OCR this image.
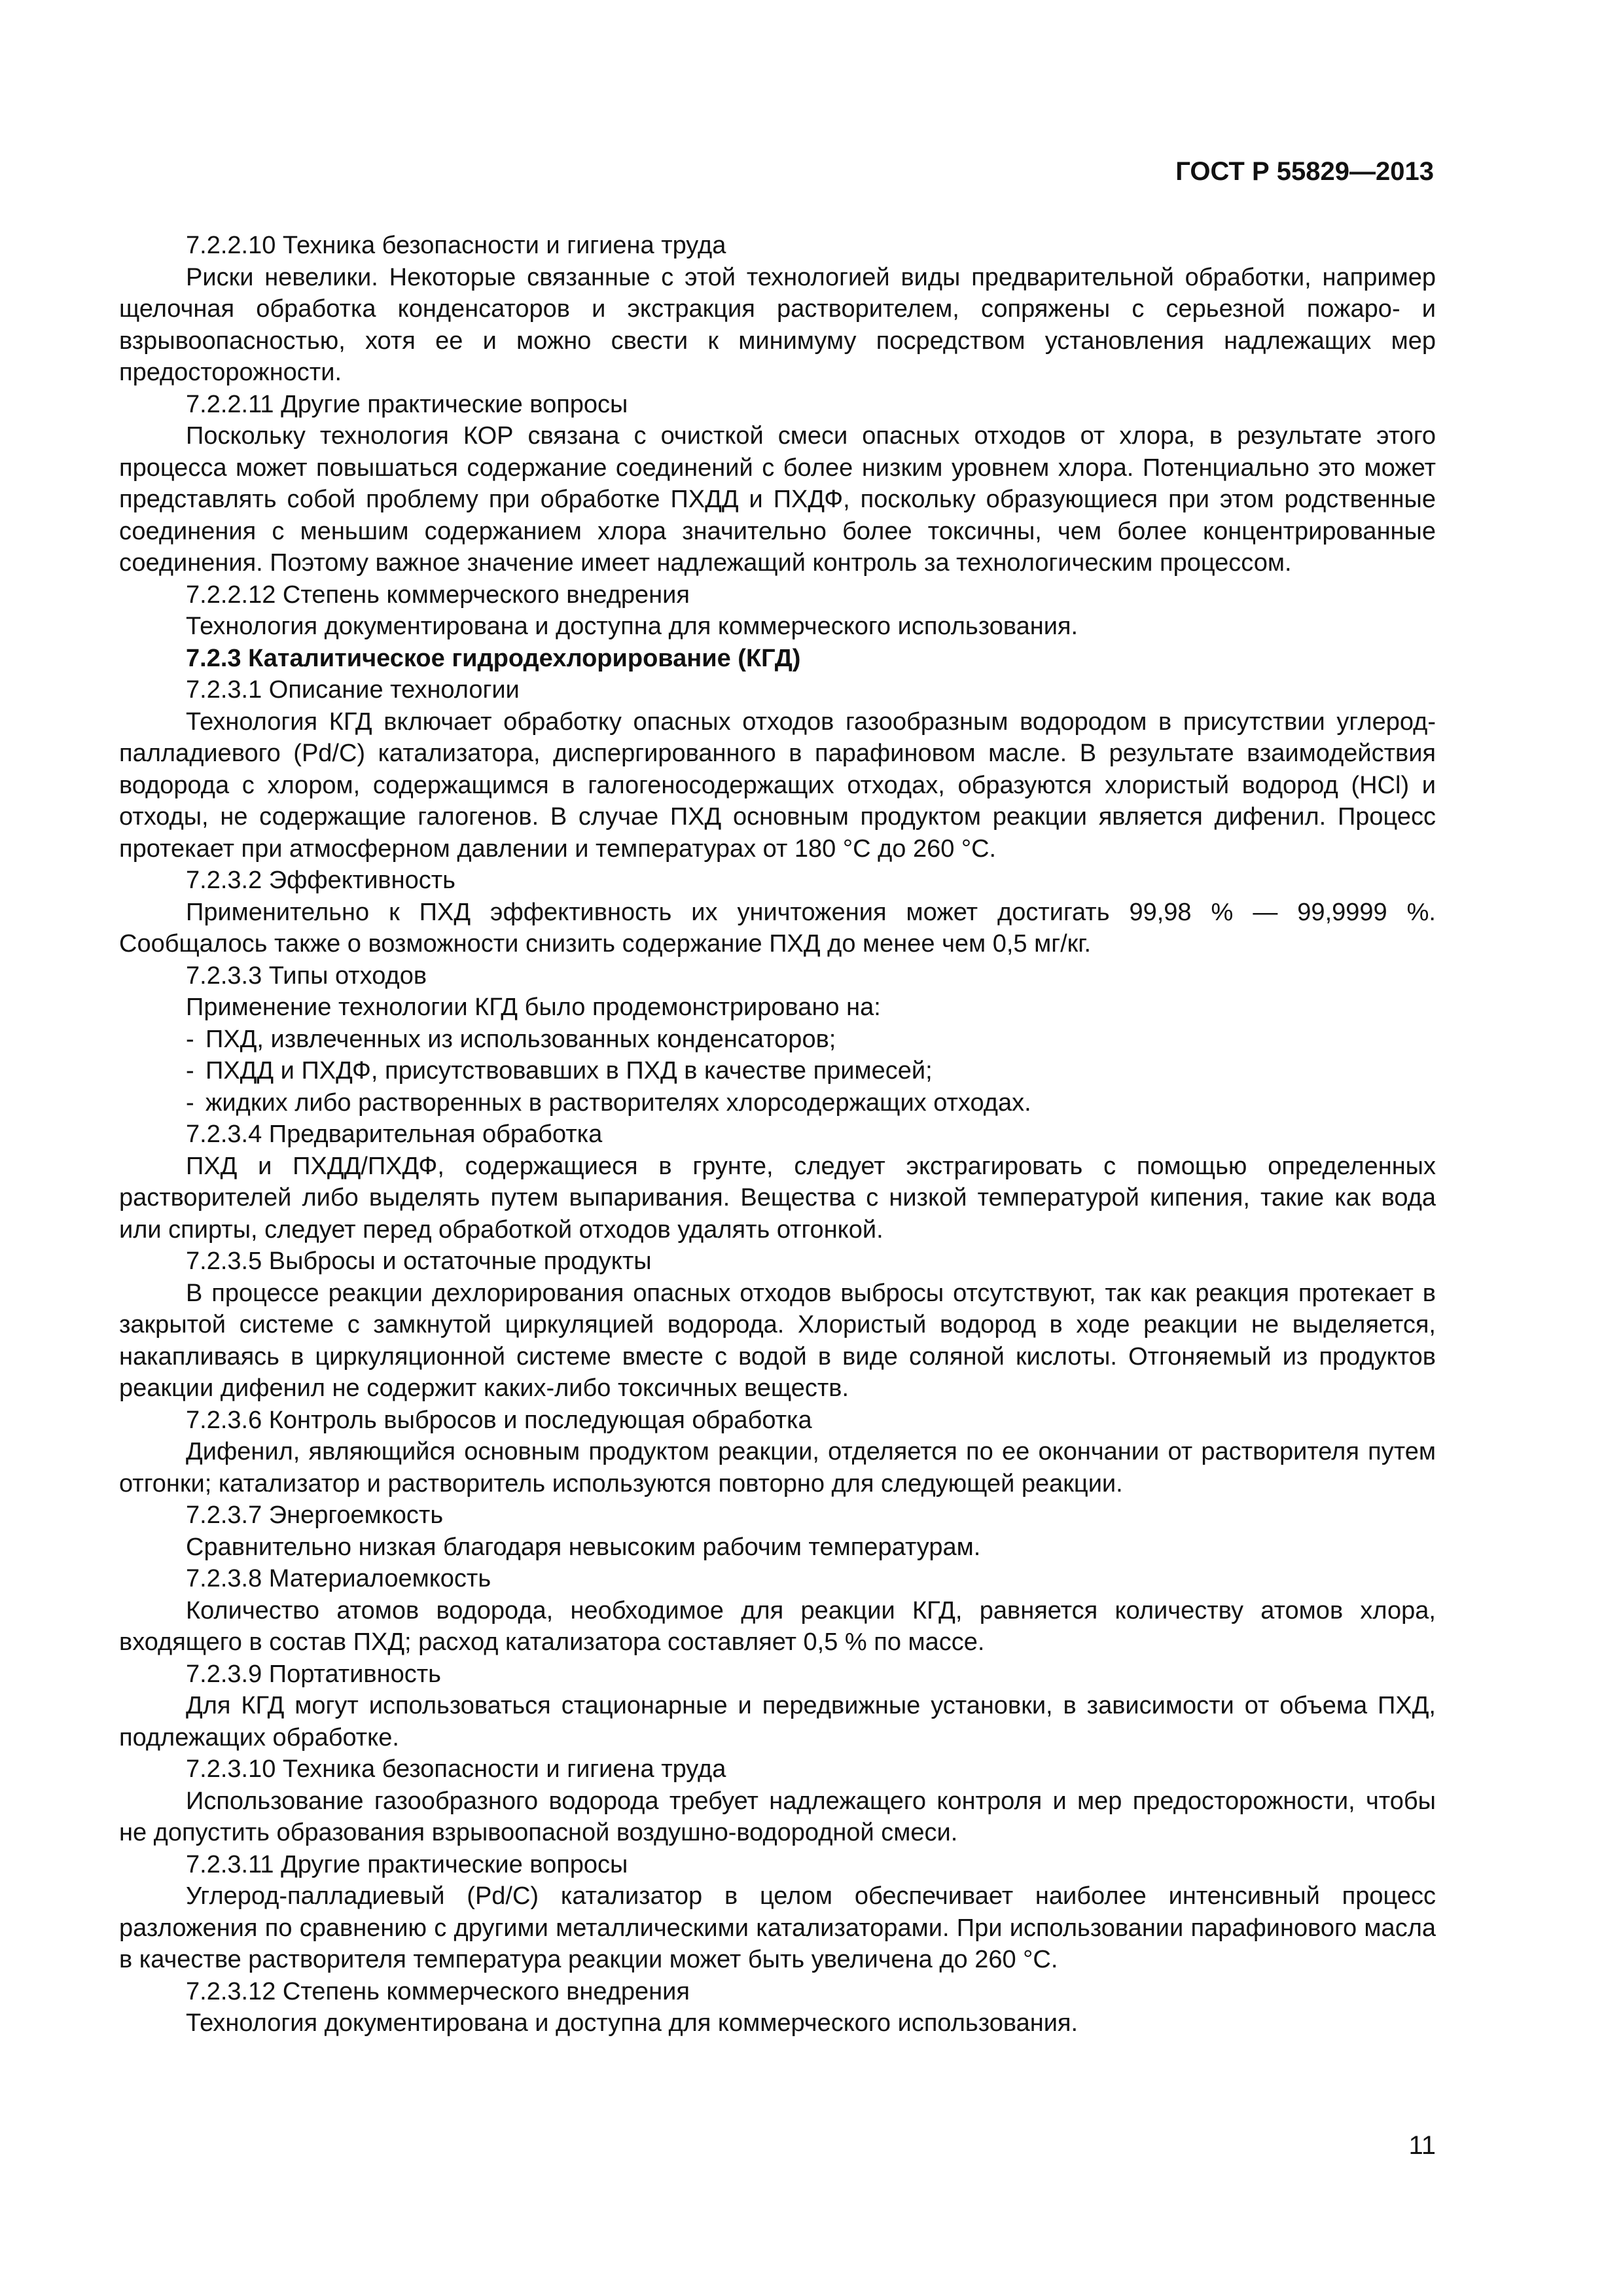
ГОСТ Р 55829—2013

7.2.2.10 Техника безопасности и гигиена труда

Риски невелики. Некоторые связанные с этой технологией виды предварительной обработки, например щелочная обработка конденсаторов и экстракция растворителем, сопряжены с серьезной пожаро- и взрывоопасностью, хотя ее и можно свести к минимуму посредством установления надлежащих мер предосторожности.

7.2.2.11 Другие практические вопросы

Поскольку технология КОР связана с очисткой смеси опасных отходов от хлора, в результате этого процесса может повышаться содержание соединений с более низким уровнем хлора. Потенциально это может представлять собой проблему при обработке ПХДД и ПХДФ, поскольку образующиеся при этом родственные соединения с меньшим содержанием хлора значительно более токсичны, чем более концентрированные соединения. Поэтому важное значение имеет надлежащий контроль за технологическим процессом.

7.2.2.12 Степень коммерческого внедрения

Технология документирована и доступна для коммерческого использования.

7.2.3 Каталитическое гидродехлорирование (КГД)

7.2.3.1 Описание технологии

Технология КГД включает обработку опасных отходов газообразным водородом в присутствии углерод-палладиевого (Pd/C) катализатора, диспергированного в парафиновом масле. В результате взаимодействия водорода с хлором, содержащимся в галогеносодержащих отходах, образуются хлористый водород (HCl) и отходы, не содержащие галогенов. В случае ПХД основным продуктом реакции является дифенил. Процесс протекает при атмосферном давлении и температурах от 180 °С до 260 °С.

7.2.3.2 Эффективность

Применительно к ПХД эффективность их уничтожения может достигать 99,98 % — 99,9999 %. Сообщалось также о возможности снизить содержание ПХД до менее чем 0,5 мг/кг.

7.2.3.3 Типы отходов

Применение технологии КГД было продемонстрировано на:

- ПХД, извлеченных из использованных конденсаторов;
- ПХДД и ПХДФ, присутствовавших в ПХД в качестве примесей;
- жидких либо растворенных в растворителях хлорсодержащих отходах.

7.2.3.4 Предварительная обработка

ПХД и ПХДД/ПХДФ, содержащиеся в грунте, следует экстрагировать с помощью определенных растворителей либо выделять путем выпаривания. Вещества с низкой температурой кипения, такие как вода или спирты, следует перед обработкой отходов удалять отгонкой.

7.2.3.5 Выбросы и остаточные продукты

В процессе реакции дехлорирования опасных отходов выбросы отсутствуют, так как реакция протекает в закрытой системе с замкнутой циркуляцией водорода. Хлористый водород в ходе реакции не выделяется, накапливаясь в циркуляционной системе вместе с водой в виде соляной кислоты. Отгоняемый из продуктов реакции дифенил не содержит каких-либо токсичных веществ.

7.2.3.6 Контроль выбросов и последующая обработка

Дифенил, являющийся основным продуктом реакции, отделяется по ее окончании от растворителя путем отгонки; катализатор и растворитель используются повторно для следующей реакции.

7.2.3.7 Энергоемкость

Сравнительно низкая благодаря невысоким рабочим температурам.

7.2.3.8 Материалоемкость

Количество атомов водорода, необходимое для реакции КГД, равняется количеству атомов хлора, входящего в состав ПХД; расход катализатора составляет 0,5 % по массе.

7.2.3.9 Портативность

Для КГД могут использоваться стационарные и передвижные установки, в зависимости от объема ПХД, подлежащих обработке.

7.2.3.10 Техника безопасности и гигиена труда

Использование газообразного водорода требует надлежащего контроля и мер предосторожности, чтобы не допустить образования взрывоопасной воздушно-водородной смеси.

7.2.3.11 Другие практические вопросы

Углерод-палладиевый (Pd/C) катализатор в целом обеспечивает наиболее интенсивный процесс разложения по сравнению с другими металлическими катализаторами. При использовании парафинового масла в качестве растворителя температура реакции может быть увеличена до 260 °С.

7.2.3.12 Степень коммерческого внедрения

Технология документирована и доступна для коммерческого использования.

11
